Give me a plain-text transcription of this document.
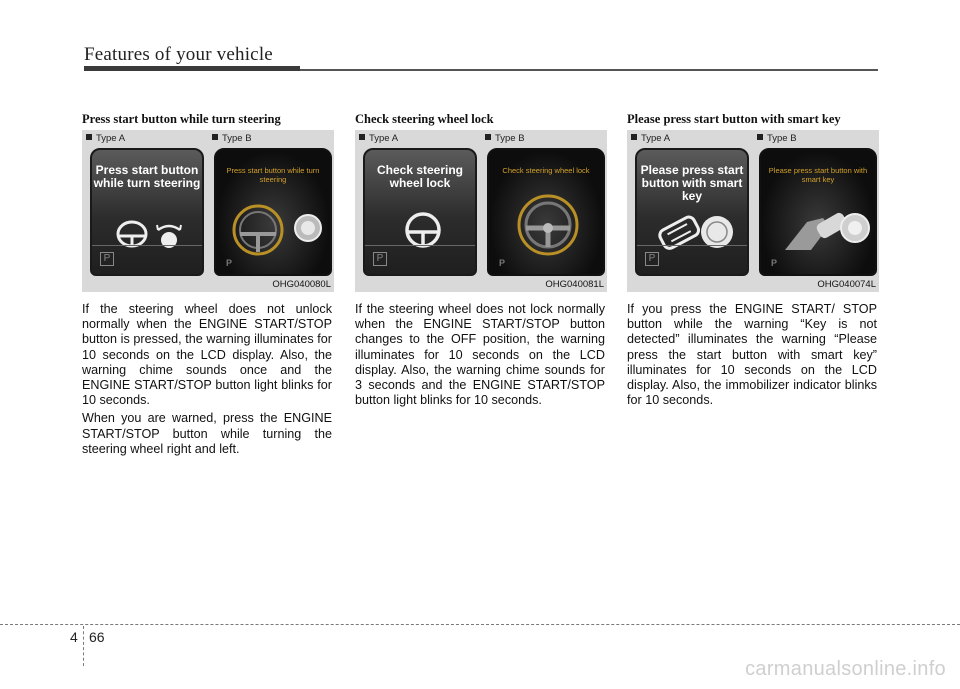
Features of your vehicle
Press start button while turn steering
Type A	Type B
Press start button while turn steering
P
Press start button while turn steering
P
OHG040080L

If the steering wheel does not unlock normally when the ENGINE START/STOP button is pressed, the warning illuminates for 10 seconds on the LCD display. Also, the warning chime sounds once and the ENGINE START/STOP button light blinks for 10 seconds.

When you are warned, press the ENGINE START/STOP button while turning the steering wheel right and left.

Check steering wheel lock
Type A	Type B
Check steering wheel lock
P
Check steering wheel lock
P
OHG040081L

If the steering wheel does not lock normally when the ENGINE START/STOP button changes to the OFF position, the warning illuminates for 10 seconds on the LCD display. Also, the warning chime sounds for 3 seconds and the ENGINE START/STOP button light blinks for 10 seconds.

Please press start button with smart key
Type A	Type B
Please press start button with smart key
P
Please press start button with smart key
P
OHG040074L

If you press the ENGINE START/ STOP button while the warning “Key is not detected” illuminates the warning “Please press the start button with smart key” illuminates for 10 seconds on the LCD display. Also, the immobilizer indicator blinks for 10 seconds.

4 66
carmanualsonline.info
